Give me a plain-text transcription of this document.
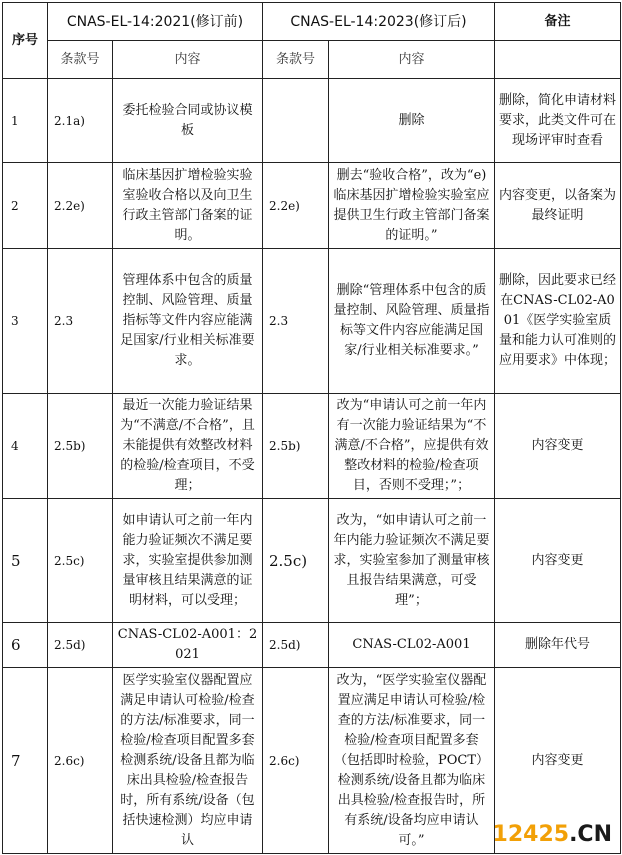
序号	CNAS-EL-14:2021(修订前)		CNAS-EL-14:2023(修订后)		备注
	条款号	内容	条款号	内容	
1	2.1a)	委托检验合同或协议模板		删除	删除，简化申请材料要求，此类文件可在现场评审时查看
2	2.2e)	临床基因扩增检验实验室验收合格以及向卫生行政主管部门备案的证明。	2.2e)	删去“验收合格”，改为“e) 临床基因扩增检验实验室应提供卫生行政主管部门备案的证明。”	内容变更，以备案为最终证明
3	2.3	管理体系中包含的质量控制、风险管理、质量指标等文件内容应能满足国家/行业相关标准要求。	2.3	删除“管理体系中包含的质量控制、风险管理、质量指标等文件内容应能满足国家/行业相关标准要求。”	删除，因此要求已经在CNAS-CL02-A001《医学实验室质量和能力认可准则的应用要求》中体现；
4	2.5b)	最近一次能力验证结果为“不满意/不合格”，且未能提供有效整改材料的检验/检查项目，不受理；	2.5b)	改为“申请认可之前一年内有一次能力验证结果为“不满意/不合格”，应提供有效整改材料的检验/检查项目，否则不受理；”；	内容变更
5	2.5c)	如申请认可之前一年内能力验证频次不满足要求，实验室提供参加测量审核且结果满意的证明材料，可以受理；	2.5c)	改为，“如申请认可之前一年内能力验证频次不满足要求，实验室参加了测量审核且报告结果满意，可受理”；	内容变更
6	2.5d)	CNAS-CL02-A001：2021	2.5d)	CNAS-CL02-A001	删除年代号
7	2.6c)	医学实验室仪器配置应满足申请认可检验/检查的方法/标准要求，同一检验/检查项目配置多套检测系统/设备且都为临床出具检验/检查报告时，所有系统/设备（包括快速检测）均应申请认	2.6c)	改为，“医学实验室仪器配置应满足申请认可检验/检查的方法/标准要求，同一检验/检查项目配置多套（包括即时检验，POCT）检测系统/设备且都为临床出具检验/检查报告时，所有系统/设备均应申请认可。”	内容变更
12425.CN
